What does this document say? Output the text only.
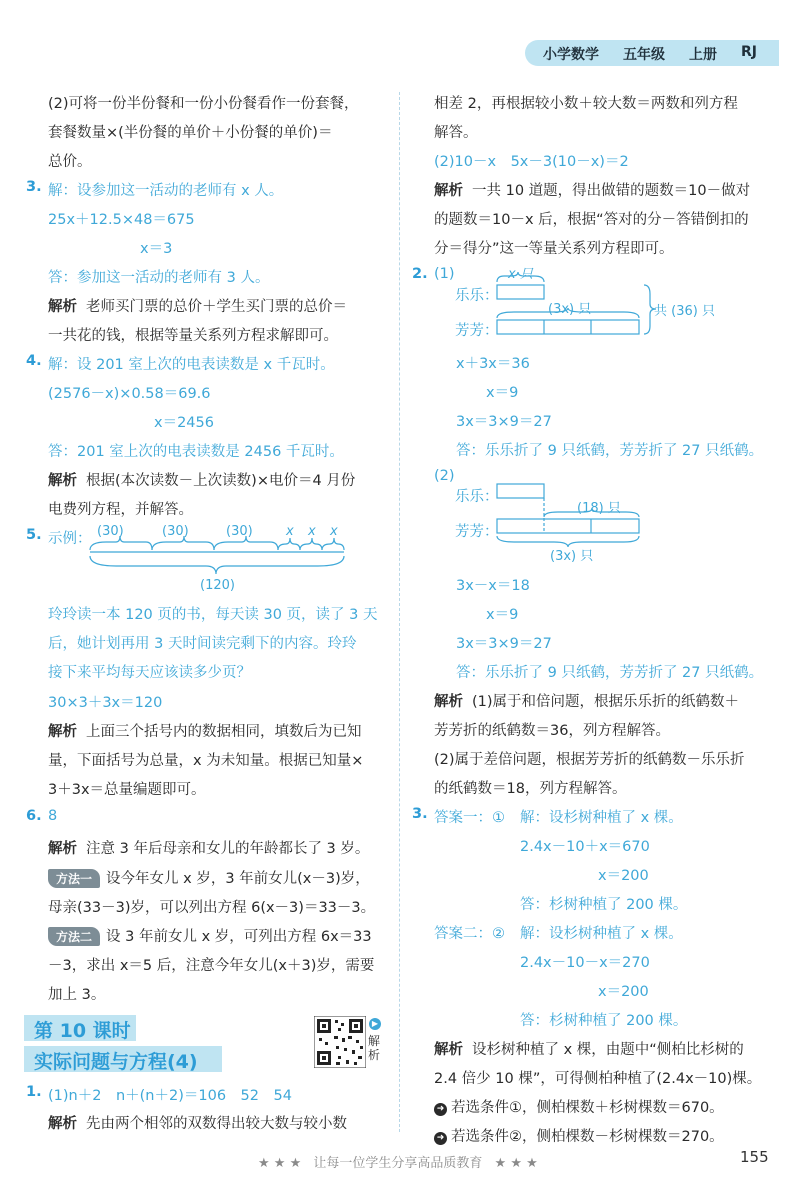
小学数学 五年级 上册 RJ
(2)可将一份半份餐和一份小份餐看作一份套餐，
套餐数量×(半份餐的单价＋小份餐的单价)＝
总价。
3. 解：设参加这一活动的老师有 x 人。
25x＋12.5×48＝675
x＝3
答：参加这一活动的老师有 3 人。
解析 老师买门票的总价＋学生买门票的总价＝
一共花的钱，根据等量关系列方程求解即可。
4. 解：设 201 室上次的电表读数是 x 千瓦时。
(2576－x)×0.58＝69.6
x＝2456
答：201 室上次的电表读数是 2456 千瓦时。
解析 根据(本次读数－上次读数)×电价＝4 月份
电费列方程，并解答。
5. 示例： (30)	(30)	(30)	x x x
(120)
玲玲读一本 120 页的书，每天读 30 页，读了 3 天
后，她计划再用 3 天时间读完剩下的内容。玲玲
接下来平均每天应该读多少页？
30×3＋3x＝120
解析 上面三个括号内的数据相同，填数后为已知
量，下面括号为总量，x 为未知量。根据已知量×
3＋3x＝总量编题即可。
6. 8
解析 注意 3 年后母亲和女儿的年龄都长了 3 岁。
方法一 设今年女儿 x 岁，3 年前女儿(x－3)岁，
母亲(33－3)岁，可以列出方程 6(x－3)＝33－3。
方法二 设 3 年前女儿 x 岁，可列出方程 6x＝33
－3，求出 x＝5 后，注意今年女儿(x＋3)岁，需要
加上 3。
第 10 课时
实际问题与方程(4)
▶
解析
1. (1)n＋2　n＋(n＋2)＝106　52　54
解析 先由两个相邻的双数得出较大数与较小数
相差 2，再根据较小数＋较大数＝两数和列方程
解答。
(2)10－x　5x－3(10－x)＝2
解析 一共 10 道题，得出做错的题数＝10－做对
的题数＝10－x 后，根据“答对的分－答错倒扣的
分＝得分”这一等量关系列方程即可。
2. (1)	x 只
乐乐：
芳芳：
(3x) 只	共 (36) 只
x＋3x＝36
x＝9
3x＝3×9＝27
答：乐乐折了 9 只纸鹤，芳芳折了 27 只纸鹤。
(2)
乐乐：
芳芳：
(18) 只
(3x) 只
3x－x＝18
x＝9
3x＝3×9＝27
答：乐乐折了 9 只纸鹤，芳芳折了 27 只纸鹤。
解析 (1)属于和倍问题，根据乐乐折的纸鹤数＋
芳芳折的纸鹤数＝36，列方程解答。
(2)属于差倍问题，根据芳芳折的纸鹤数－乐乐折
的纸鹤数＝18，列方程解答。
3. 答案一：① 解：设杉树种植了 x 棵。
2.4x－10＋x＝670
x＝200
答：杉树种植了 200 棵。
答案二：② 解：设杉树种植了 x 棵。
2.4x－10－x＝270
x＝200
答：杉树种植了 200 棵。
解析 设杉树种植了 x 棵，由题中“侧柏比杉树的
2.4 倍少 10 棵”，可得侧柏种植了(2.4x－10)棵。
➜ 若选条件①，侧柏棵数＋杉树棵数＝670。
➜ 若选条件②，侧柏棵数－杉树棵数＝270。
★ ★ ★ 让每一位学生分享高品质教育 ★ ★ ★	155
